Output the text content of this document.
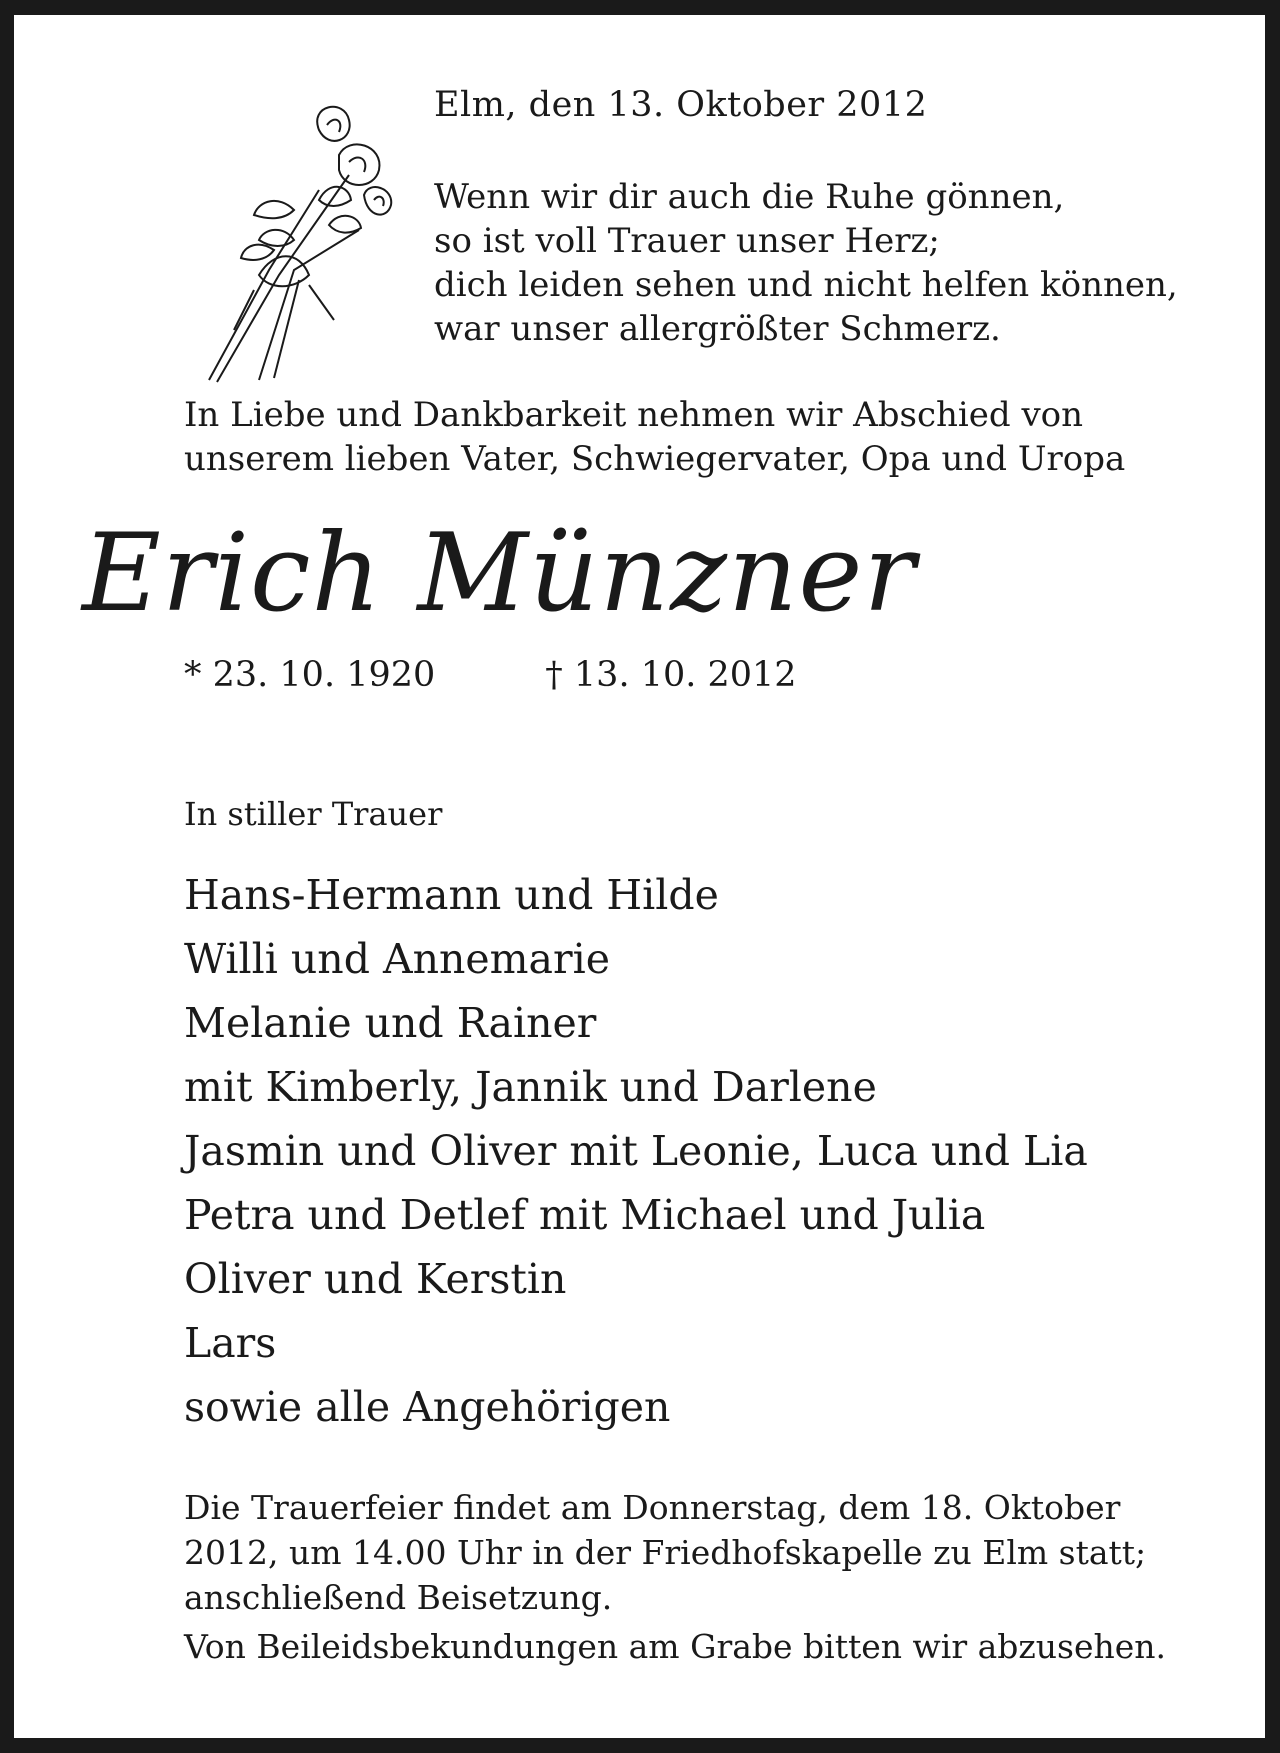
Elm, den 13. Oktober 2012

Wenn wir dir auch die Ruhe gönnen,
so ist voll Trauer unser Herz;
dich leiden sehen und nicht helfen können,
war unser allergrößter Schmerz.
In Liebe und Dankbarkeit nehmen wir Abschied von
unserem lieben Vater, Schwiegervater, Opa und Uropa
Erich Münzner
* 23. 10. 1920	† 13. 10. 2012

In stiller Trauer

Hans-Hermann und Hilde
Willi und Annemarie
Melanie und Rainer
mit Kimberly, Jannik und Darlene
Jasmin und Oliver mit Leonie, Luca und Lia
Petra und Detlef mit Michael und Julia
Oliver und Kerstin
Lars
sowie alle Angehörigen
Die Trauerfeier findet am Donnerstag, dem 18. Oktober
2012, um 14.00 Uhr in der Friedhofskapelle zu Elm statt;
anschließend Beisetzung.

Von Beileidsbekundungen am Grabe bitten wir abzusehen.
